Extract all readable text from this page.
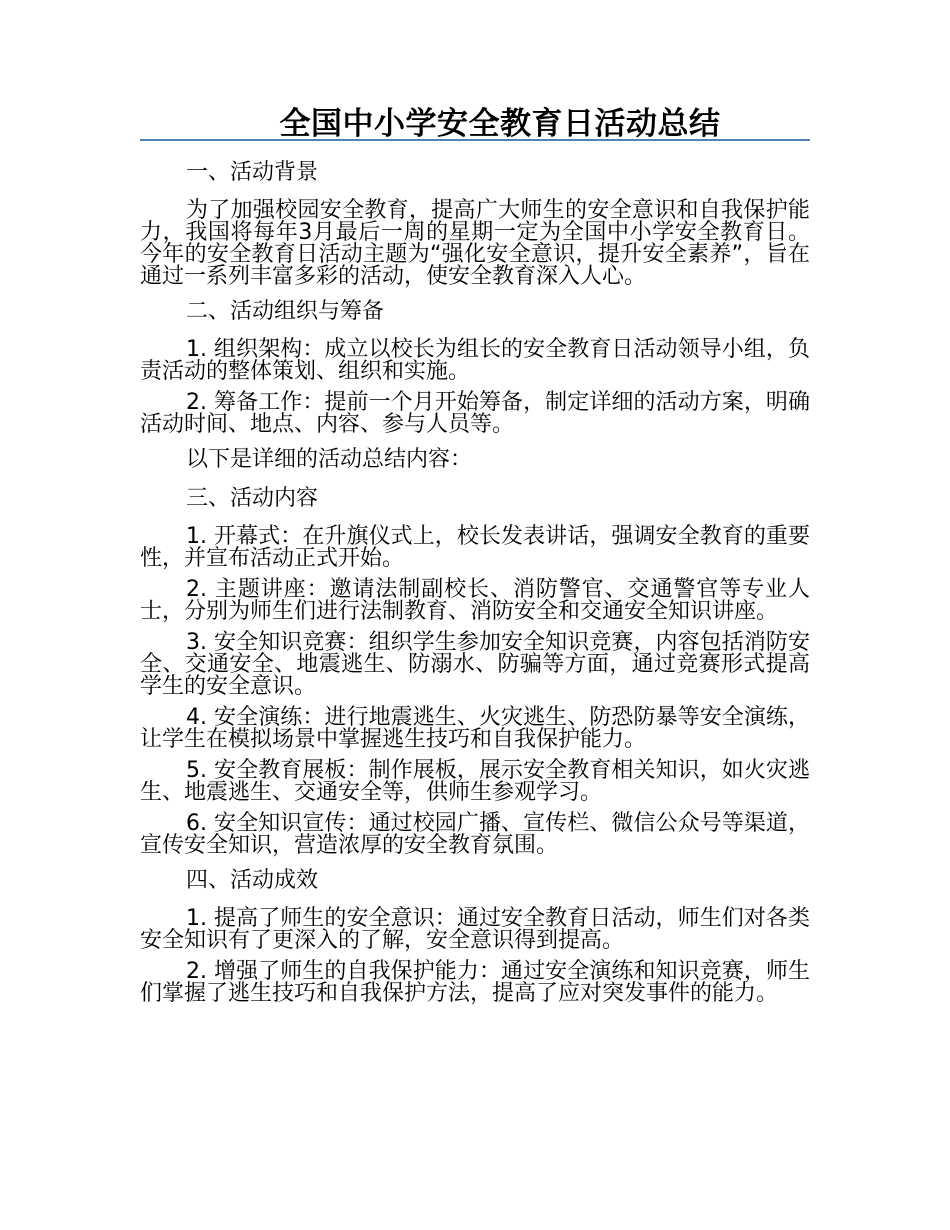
全国中小学安全教育日活动总结
一、活动背景

为了加强校园安全教育，提高广大师生的安全意识和自我保护能力，我国将每年3月最后一周的星期一定为全国中小学安全教育日。今年的安全教育日活动主题为“强化安全意识，提升安全素养”，旨在通过一系列丰富多彩的活动，使安全教育深入人心。

二、活动组织与筹备

1. 组织架构：成立以校长为组长的安全教育日活动领导小组，负责活动的整体策划、组织和实施。

2. 筹备工作：提前一个月开始筹备，制定详细的活动方案，明确活动时间、地点、内容、参与人员等。

以下是详细的活动总结内容：
三、活动内容

1. 开幕式：在升旗仪式上，校长发表讲话，强调安全教育的重要性，并宣布活动正式开始。

2. 主题讲座：邀请法制副校长、消防警官、交通警官等专业人士，分别为师生们进行法制教育、消防安全和交通安全知识讲座。

3. 安全知识竞赛：组织学生参加安全知识竞赛，内容包括消防安全、交通安全、地震逃生、防溺水、防骗等方面，通过竞赛形式提高学生的安全意识。

4. 安全演练：进行地震逃生、火灾逃生、防恐防暴等安全演练，让学生在模拟场景中掌握逃生技巧和自我保护能力。

5. 安全教育展板：制作展板，展示安全教育相关知识，如火灾逃生、地震逃生、交通安全等，供师生参观学习。

6. 安全知识宣传：通过校园广播、宣传栏、微信公众号等渠道，宣传安全知识，营造浓厚的安全教育氛围。

四、活动成效

1. 提高了师生的安全意识：通过安全教育日活动，师生们对各类安全知识有了更深入的了解，安全意识得到提高。

2. 增强了师生的自我保护能力：通过安全演练和知识竞赛，师生们掌握了逃生技巧和自我保护方法，提高了应对突发事件的能力。
